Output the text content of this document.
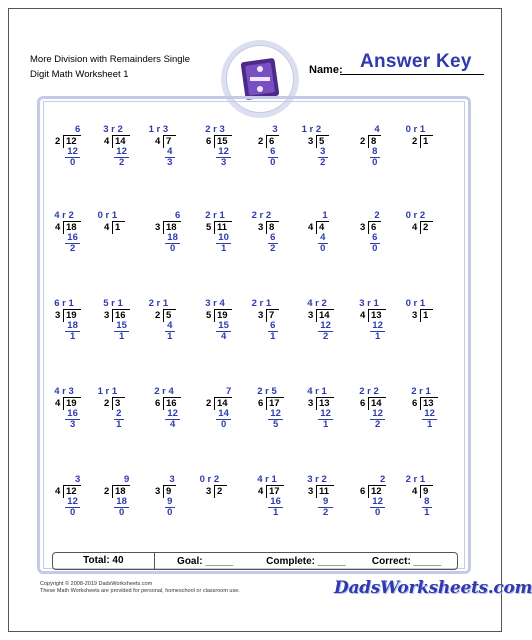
More Division with Remainders Single Digit Math Worksheet 1
Answer Key
Name:
6
2 12
12
0
3 r 2
4 14
12
2
1 r 3
4 7
4
3
2 r 3
6 15
12
3
3
2 6
6
0
1 r 2
3 5
3
2
4
2 8
8
0
0 r 1
2 1
4 r 2
4 18
16
2
0 r 1
4 1
6
3 18
18
0
2 r 1
5 11
10
1
2 r 2
3 8
6
2
1
4 4
4
0
2
3 6
6
0
0 r 2
4 2
6 r 1
3 19
18
1
5 r 1
3 16
15
1
2 r 1
2 5
4
1
3 r 4
5 19
15
4
2 r 1
3 7
6
1
4 r 2
3 14
12
2
3 r 1
4 13
12
1
0 r 1
3 1
4 r 3
4 19
16
3
1 r 1
2 3
2
1
2 r 4
6 16
12
4
7
2 14
14
0
2 r 5
6 17
12
5
4 r 1
3 13
12
1
2 r 2
6 14
12
2
2 r 1
6 13
12
1
3
4 12
12
0
9
2 18
18
0
3
3 9
9
0
0 r 2
3 2
4 r 1
4 17
16
1
3 r 2
3 11
9
2
2
6 12
12
0
2 r 1
4 9
8
1
Total: 40	Goal: _____	Complete: _____	Correct: _____
Copyright © 2008-2019 DadsWorksheets.com
These Math Worksheets are provided for personal, homeschool or classroom use.	DadsWorksheets.com
